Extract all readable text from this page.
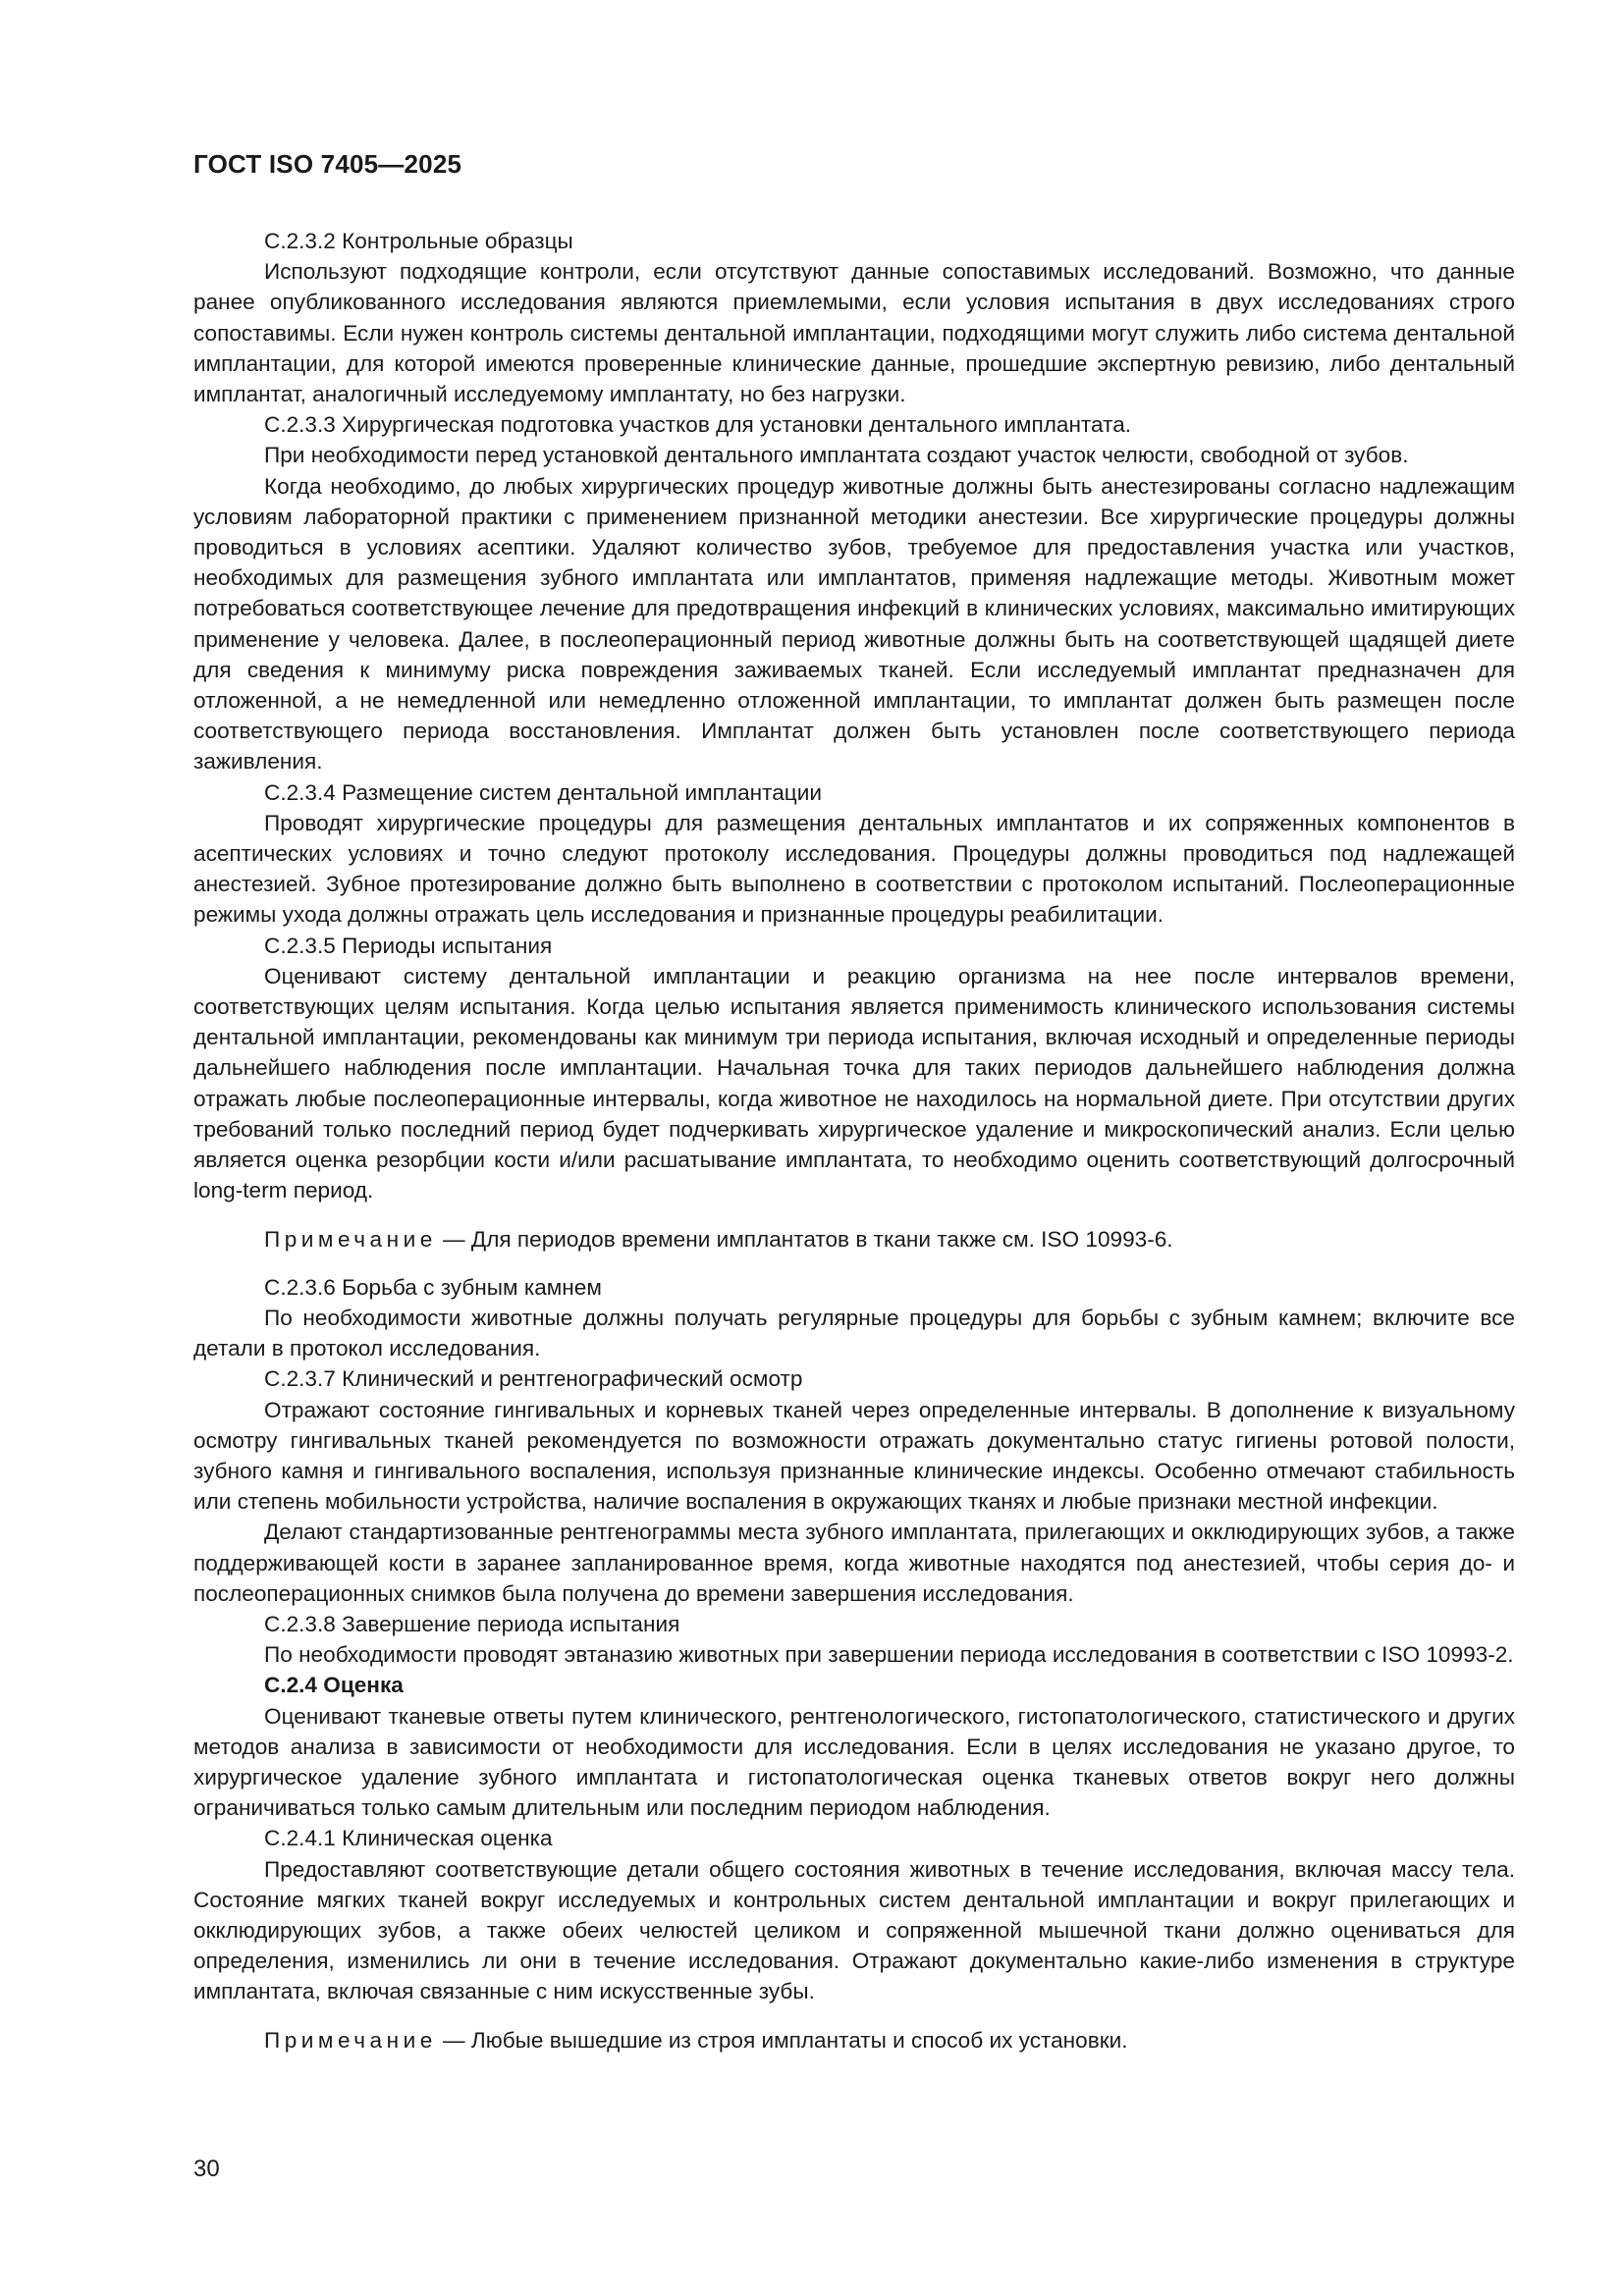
ГОСТ ISO 7405—2025

С.2.3.2 Контрольные образцы

Используют подходящие контроли, если отсутствуют данные сопоставимых исследований. Возможно, что данные ранее опубликованного исследования являются приемлемыми, если условия испытания в двух исследованиях строго сопоставимы. Если нужен контроль системы дентальной имплантации, подходящими могут служить либо система дентальной имплантации, для которой имеются проверенные клинические данные, прошедшие экспертную ревизию, либо дентальный имплантат, аналогичный исследуемому имплантату, но без нагрузки.

С.2.3.3 Хирургическая подготовка участков для установки дентального имплантата.

При необходимости перед установкой дентального имплантата создают участок челюсти, свободной от зубов.

Когда необходимо, до любых хирургических процедур животные должны быть анестезированы согласно надлежащим условиям лабораторной практики с применением признанной методики анестезии. Все хирургические процедуры должны проводиться в условиях асептики. Удаляют количество зубов, требуемое для предоставления участка или участков, необходимых для размещения зубного имплантата или имплантатов, применяя надлежащие методы. Животным может потребоваться соответствующее лечение для предотвращения инфекций в клинических условиях, максимально имитирующих применение у человека. Далее, в послеоперационный период животные должны быть на соответствующей щадящей диете для сведения к минимуму риска повреждения заживаемых тканей. Если исследуемый имплантат предназначен для отложенной, а не немедленной или немедленно отложенной имплантации, то имплантат должен быть размещен после соответствующего периода восстановления. Имплантат должен быть установлен после соответствующего периода заживления.

С.2.3.4 Размещение систем дентальной имплантации

Проводят хирургические процедуры для размещения дентальных имплантатов и их сопряженных компонентов в асептических условиях и точно следуют протоколу исследования. Процедуры должны проводиться под надлежащей анестезией. Зубное протезирование должно быть выполнено в соответствии с протоколом испытаний. Послеоперационные режимы ухода должны отражать цель исследования и признанные процедуры реабилитации.

С.2.3.5 Периоды испытания

Оценивают систему дентальной имплантации и реакцию организма на нее после интервалов времени, соответствующих целям испытания. Когда целью испытания является применимость клинического использования системы дентальной имплантации, рекомендованы как минимум три периода испытания, включая исходный и определенные периоды дальнейшего наблюдения после имплантации. Начальная точка для таких периодов дальнейшего наблюдения должна отражать любые послеоперационные интервалы, когда животное не находилось на нормальной диете. При отсутствии других требований только последний период будет подчеркивать хирургическое удаление и микроскопический анализ. Если целью является оценка резорбции кости и/или расшатывание имплантата, то необходимо оценить соответствующий долгосрочный long-term период.

Примечание — Для периодов времени имплантатов в ткани также см. ISO 10993-6.

С.2.3.6 Борьба с зубным камнем

По необходимости животные должны получать регулярные процедуры для борьбы с зубным камнем; включите все детали в протокол исследования.

С.2.3.7 Клинический и рентгенографический осмотр

Отражают состояние гингивальных и корневых тканей через определенные интервалы. В дополнение к визуальному осмотру гингивальных тканей рекомендуется по возможности отражать документально статус гигиены ротовой полости, зубного камня и гингивального воспаления, используя признанные клинические индексы. Особенно отмечают стабильность или степень мобильности устройства, наличие воспаления в окружающих тканях и любые признаки местной инфекции.

Делают стандартизованные рентгенограммы места зубного имплантата, прилегающих и окклюдирующих зубов, а также поддерживающей кости в заранее запланированное время, когда животные находятся под анестезией, чтобы серия до- и послеоперационных снимков была получена до времени завершения исследования.

С.2.3.8 Завершение периода испытания

По необходимости проводят эвтаназию животных при завершении периода исследования в соответствии с ISO 10993-2.

С.2.4 Оценка

Оценивают тканевые ответы путем клинического, рентгенологического, гистопатологического, статистического и других методов анализа в зависимости от необходимости для исследования. Если в целях исследования не указано другое, то хирургическое удаление зубного имплантата и гистопатологическая оценка тканевых ответов вокруг него должны ограничиваться только самым длительным или последним периодом наблюдения.

С.2.4.1 Клиническая оценка

Предоставляют соответствующие детали общего состояния животных в течение исследования, включая массу тела. Состояние мягких тканей вокруг исследуемых и контрольных систем дентальной имплантации и вокруг прилегающих и окклюдирующих зубов, а также обеих челюстей целиком и сопряженной мышечной ткани должно оцениваться для определения, изменились ли они в течение исследования. Отражают документально какие-либо изменения в структуре имплантата, включая связанные с ним искусственные зубы.

Примечание — Любые вышедшие из строя имплантаты и способ их установки.

30
